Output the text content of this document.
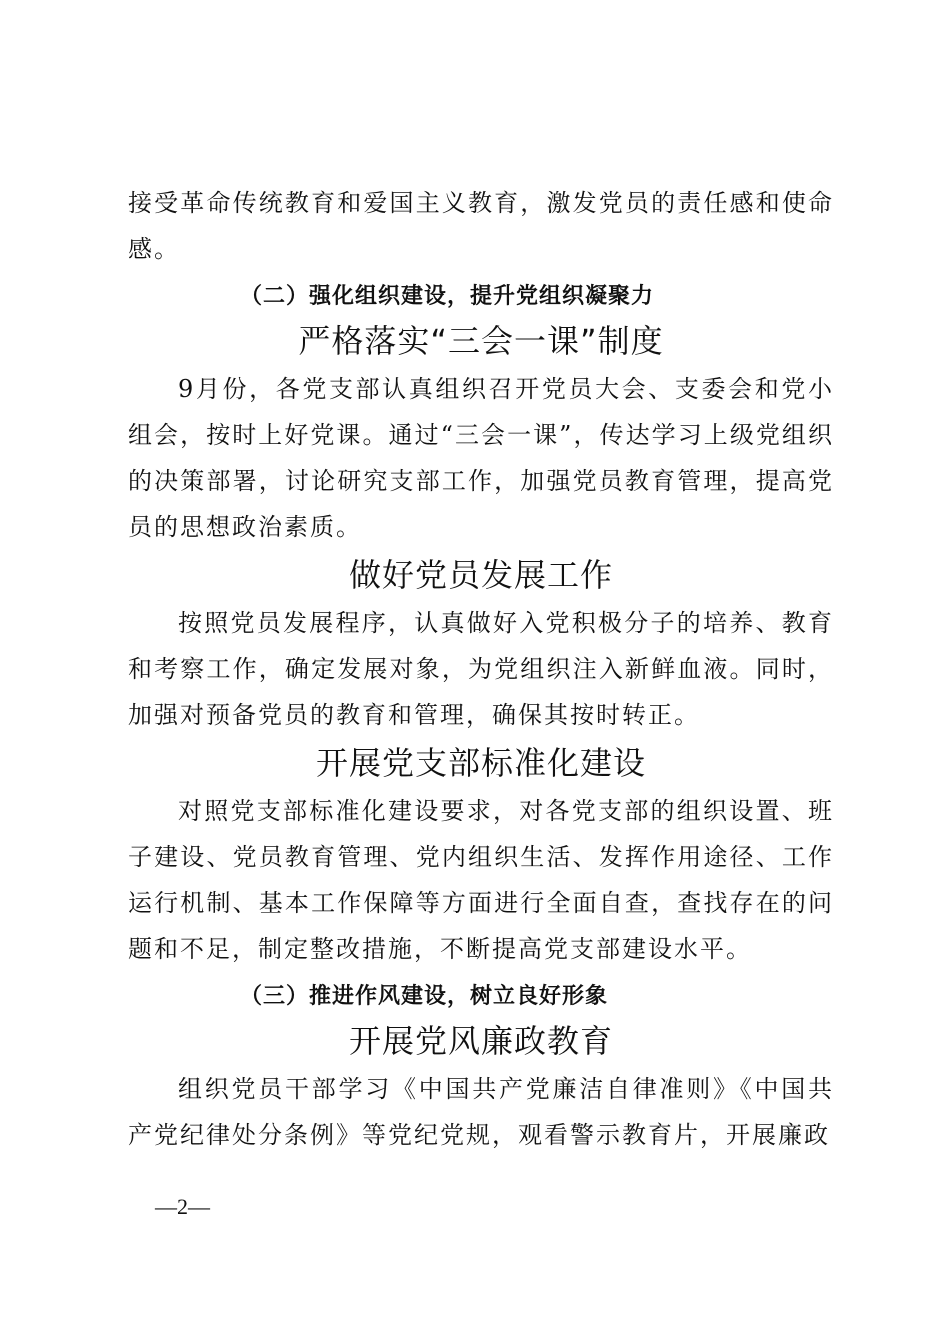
接受革命传统教育和爱国主义教育，激发党员的责任感和使命感。

（二）强化组织建设，提升党组织凝聚力
严格落实“三会一课”制度

9月份，各党支部认真组织召开党员大会、支委会和党小组会，按时上好党课。通过“三会一课”，传达学习上级党组织的决策部署，讨论研究支部工作，加强党员教育管理，提高党员的思想政治素质。

做好党员发展工作

按照党员发展程序，认真做好入党积极分子的培养、教育和考察工作，确定发展对象，为党组织注入新鲜血液。同时，加强对预备党员的教育和管理，确保其按时转正。

开展党支部标准化建设

对照党支部标准化建设要求，对各党支部的组织设置、班子建设、党员教育管理、党内组织生活、发挥作用途径、工作运行机制、基本工作保障等方面进行全面自查，查找存在的问题和不足，制定整改措施，不断提高党支部建设水平。

（三）推进作风建设，树立良好形象
开展党风廉政教育

组织党员干部学习《中国共产党廉洁自律准则》《中国共产党纪律处分条例》等党纪党规，观看警示教育片，开展廉政

—2—
